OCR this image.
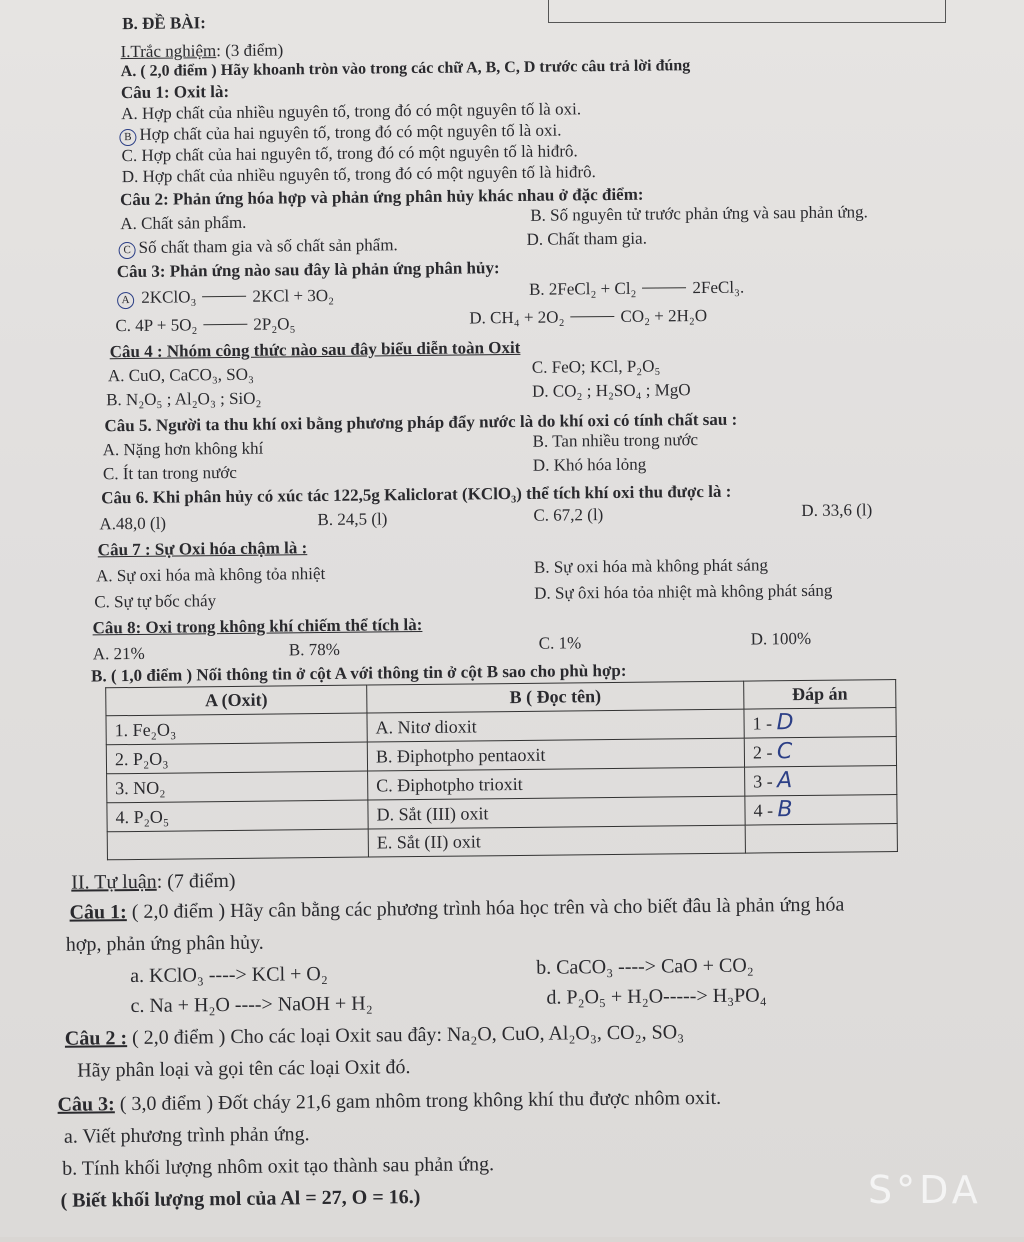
B. ĐỀ BÀI:
I.Trắc nghiệm: (3 điểm)
A. ( 2,0 điểm ) Hãy khoanh tròn vào trong các chữ A, B, C, D trước câu trả lời đúng
Câu 1: Oxit là:
A. Hợp chất của nhiều nguyên tố, trong đó có một nguyên tố là oxi.
B Hợp chất của hai nguyên tố, trong đó có một nguyên tố là oxi.
C. Hợp chất của hai nguyên tố, trong đó có một nguyên tố là hiđrô.
D. Hợp chất của nhiều nguyên tố, trong đó có một nguyên tố là hiđrô.
Câu 2: Phản ứng hóa hợp và phản ứng phân hủy khác nhau ở đặc điểm:
A. Chất sản phẩm.	B. Số nguyên tử trước phản ứng và sau phản ứng.
C Số chất tham gia và số chất sản phẩm.	D. Chất tham gia.
Câu 3: Phản ứng nào sau đây là phản ứng phân hủy:
A 2KClO₃	2KCl + 3O₂	B. 2FeCl₂ + Cl₂	2FeCl₃.
C. 4P + 5O₂	2P₂O₅	D. CH₄ + 2O₂	CO₂ + 2H₂O
Câu 4 : Nhóm công thức nào sau đây biểu diễn toàn Oxit
A. CuO, CaCO₃, SO₃	C. FeO; KCl, P₂O₅
B. N₂O₅ ; Al₂O₃ ; SiO₂	D. CO₂ ; H₂SO₄ ; MgO
Câu 5. Người ta thu khí oxi bằng phương pháp đẩy nước là do khí oxi có tính chất sau :
A. Nặng hơn không khí	B. Tan nhiều trong nước
C. Ít tan trong nước	D. Khó hóa lỏng
Câu 6. Khi phân hủy có xúc tác 122,5g Kaliclorat (KClO₃) thể tích khí oxi thu được là :
A.48,0 (l)	B. 24,5 (l)	C. 67,2 (l)	D. 33,6 (l)
Câu 7 : Sự Oxi hóa chậm là :
A. Sự oxi hóa mà không tỏa nhiệt	B. Sự oxi hóa mà không phát sáng
C. Sự tự bốc cháy	D. Sự ôxi hóa tỏa nhiệt mà không phát sáng
Câu 8: Oxi trong không khí chiếm thể tích là:
A. 21%	B. 78%	C. 1%	D. 100%
B. ( 1,0 điểm ) Nối thông tin ở cột A với thông tin ở cột B sao cho phù hợp:
A (Oxit)	B ( Đọc tên)	Đáp án
1. Fe₂O₃	A. Nitơ dioxit	1 - D
2. P₂O₃	B. Điphotpho pentaoxit	2 - C
3. NO₂	C. Điphotpho trioxit	3 - A
4. P₂O₅	D. Sắt (III) oxit	4 - B
	E. Sắt (II) oxit	
II. Tự luận: (7 điểm)
Câu 1: ( 2,0 điểm ) Hãy cân bằng các phương trình hóa học trên và cho biết đâu là phản ứng hóa
hợp, phản ứng phân hủy.
a. KClO₃ ----> KCl + O₂	b. CaCO₃ ----> CaO + CO₂
c. Na + H₂O ----> NaOH + H₂	d. P₂O₅ + H₂O-----> H₃PO₄
Câu 2 : ( 2,0 điểm ) Cho các loại Oxit sau đây: Na₂O, CuO, Al₂O₃, CO₂, SO₃
Hãy phân loại và gọi tên các loại Oxit đó.
Câu 3: ( 3,0 điểm ) Đốt cháy 21,6 gam nhôm trong không khí thu được nhôm oxit.
a. Viết phương trình phản ứng.
b. Tính khối lượng nhôm oxit tạo thành sau phản ứng.
( Biết khối lượng mol của Al = 27, O = 16.)	S°DA
